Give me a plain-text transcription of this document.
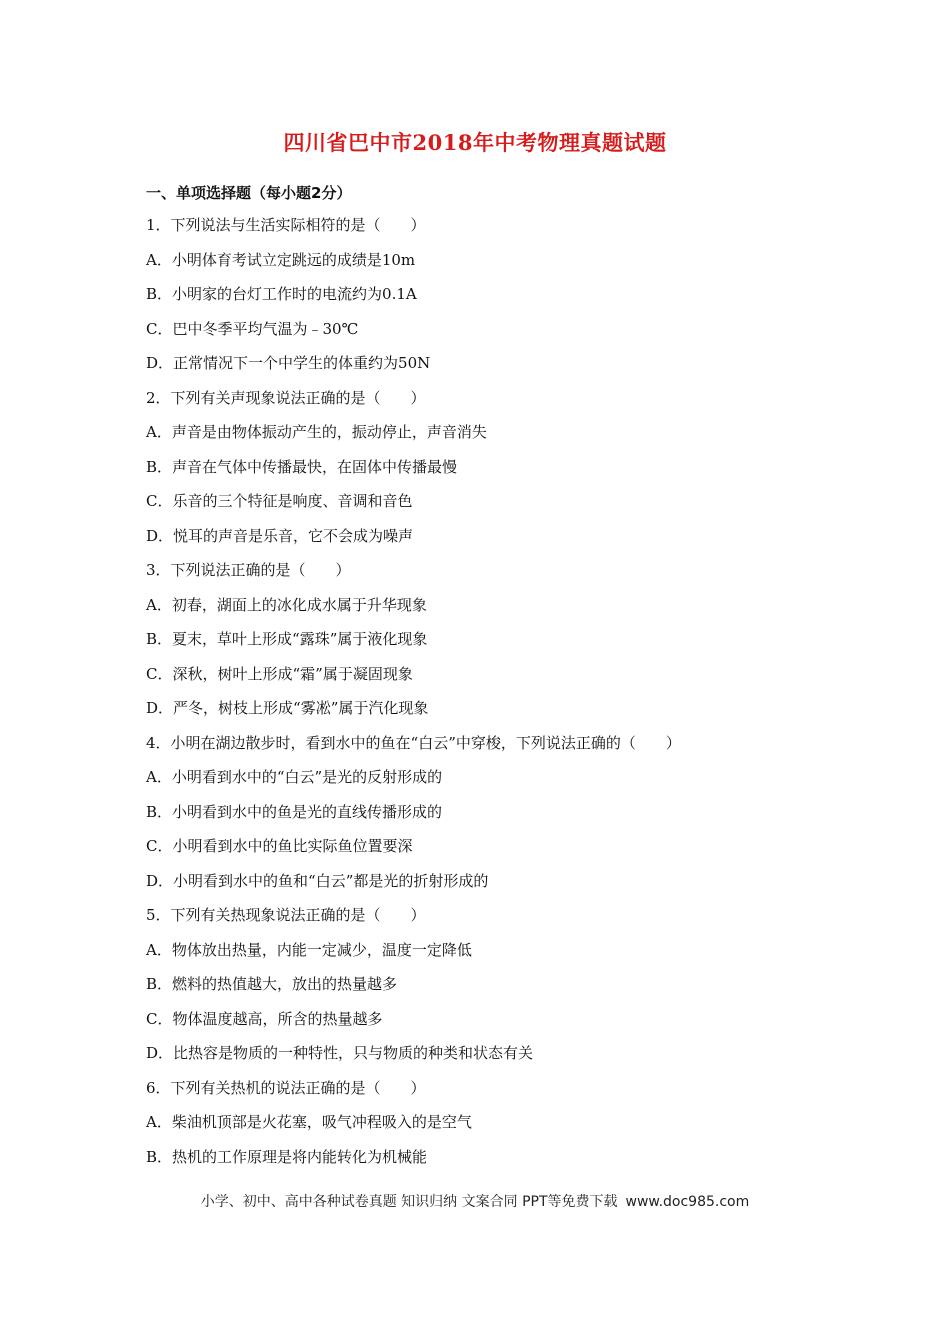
四川省巴中市2018年中考物理真题试题
一、单项选择题（每小题2分）
1．下列说法与生活实际相符的是（　　）
A．小明体育考试立定跳远的成绩是10m
B．小明家的台灯工作时的电流约为0.1A
C．巴中冬季平均气温为﹣30℃
D．正常情况下一个中学生的体重约为50N
2．下列有关声现象说法正确的是（　　）
A．声音是由物体振动产生的，振动停止，声音消失
B．声音在气体中传播最快，在固体中传播最慢
C．乐音的三个特征是响度、音调和音色
D．悦耳的声音是乐音，它不会成为噪声
3．下列说法正确的是（　　）
A．初春，湖面上的冰化成水属于升华现象
B．夏末，草叶上形成“露珠”属于液化现象
C．深秋，树叶上形成“霜”属于凝固现象
D．严冬，树枝上形成“雾凇”属于汽化现象
4．小明在湖边散步时，看到水中的鱼在“白云”中穿梭，下列说法正确的（　　）
A．小明看到水中的“白云”是光的反射形成的
B．小明看到水中的鱼是光的直线传播形成的
C．小明看到水中的鱼比实际鱼位置要深
D．小明看到水中的鱼和“白云”都是光的折射形成的
5．下列有关热现象说法正确的是（　　）
A．物体放出热量，内能一定减少，温度一定降低
B．燃料的热值越大，放出的热量越多
C．物体温度越高，所含的热量越多
D．比热容是物质的一种特性，只与物质的种类和状态有关
6．下列有关热机的说法正确的是（　　）
A．柴油机顶部是火花塞，吸气冲程吸入的是空气
B．热机的工作原理是将内能转化为机械能
小学、初中、高中各种试卷真题 知识归纳 文案合同 PPT等免费下载 www.doc985.com
